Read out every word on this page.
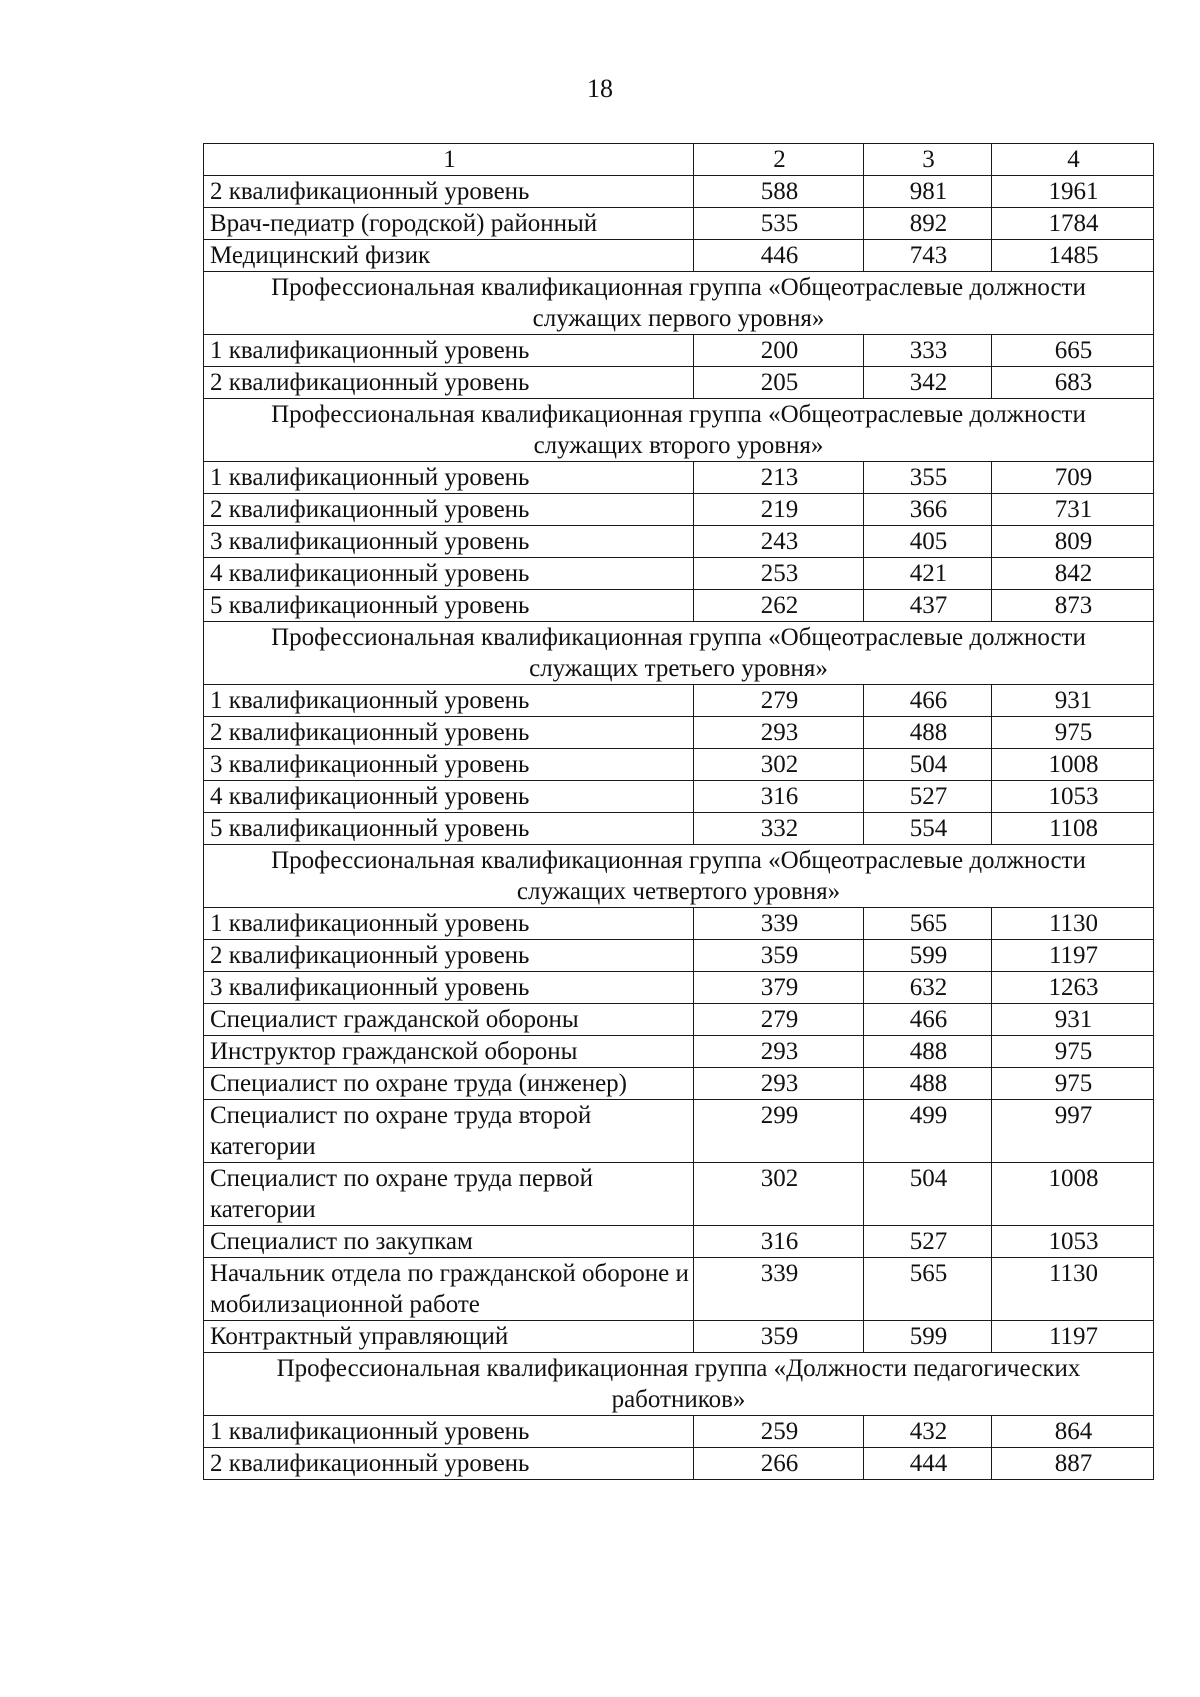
18
1	2	3	4
2 квалификационный уровень	588	981	1961
Врач-педиатр (городской) районный	535	892	1784
Медицинский физик	446	743	1485
Профессиональная квалификационная группа «Общеотраслевые должности служащих первого уровня»			
1 квалификационный уровень	200	333	665
2 квалификационный уровень	205	342	683
Профессиональная квалификационная группа «Общеотраслевые должности служащих второго уровня»			
1 квалификационный уровень	213	355	709
2 квалификационный уровень	219	366	731
3 квалификационный уровень	243	405	809
4 квалификационный уровень	253	421	842
5 квалификационный уровень	262	437	873
Профессиональная квалификационная группа «Общеотраслевые должности служащих третьего уровня»			
1 квалификационный уровень	279	466	931
2 квалификационный уровень	293	488	975
3 квалификационный уровень	302	504	1008
4 квалификационный уровень	316	527	1053
5 квалификационный уровень	332	554	1108
Профессиональная квалификационная группа «Общеотраслевые должности служащих четвертого уровня»			
1 квалификационный уровень	339	565	1130
2 квалификационный уровень	359	599	1197
3 квалификационный уровень	379	632	1263
Специалист гражданской обороны	279	466	931
Инструктор гражданской обороны	293	488	975
Специалист по охране труда (инженер)	293	488	975
Специалист по охране труда второй категории	299	499	997
Специалист по охране труда первой категории	302	504	1008
Специалист по закупкам	316	527	1053
Начальник отдела по гражданской обороне и мобилизационной работе	339	565	1130
Контрактный управляющий	359	599	1197
Профессиональная квалификационная группа «Должности педагогических работников»			
1 квалификационный уровень	259	432	864
2 квалификационный уровень	266	444	887
